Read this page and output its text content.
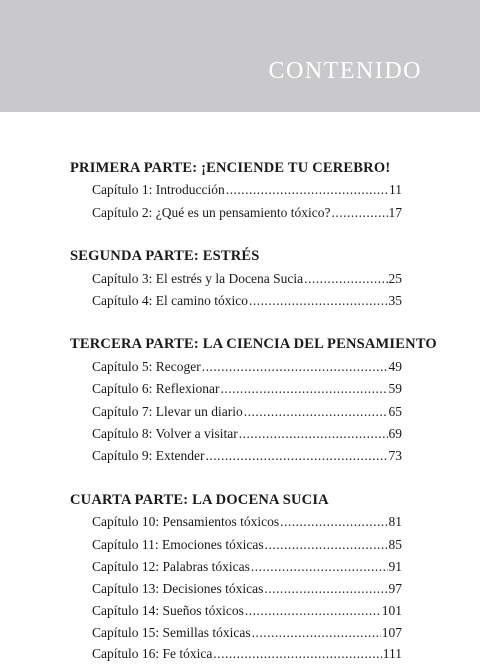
CONTENIDO
PRIMERA PARTE: ¡ENCIENDE TU CEREBRO!
Capítulo 1: Introducción .....	11
Capítulo 2: ¿Qué es un pensamiento tóxico? .....	17
SEGUNDA PARTE: ESTRÉS
Capítulo 3: El estrés y la Docena Sucia .....	25
Capítulo 4: El camino tóxico .....	35
TERCERA PARTE: LA CIENCIA DEL PENSAMIENTO
Capítulo 5: Recoger .....	49
Capítulo 6: Reflexionar .....	59
Capítulo 7: Llevar un diario .....	65
Capítulo 8: Volver a visitar .....	69
Capítulo 9: Extender .....	73
CUARTA PARTE: LA DOCENA SUCIA
Capítulo 10: Pensamientos tóxicos .....	81
Capítulo 11: Emociones tóxicas .....	85
Capítulo 12: Palabras tóxicas .....	91
Capítulo 13: Decisiones tóxicas .....	97
Capítulo 14: Sueños tóxicos .....	101
Capítulo 15: Semillas tóxicas .....	107
Capítulo 16: Fe tóxica .....	111
